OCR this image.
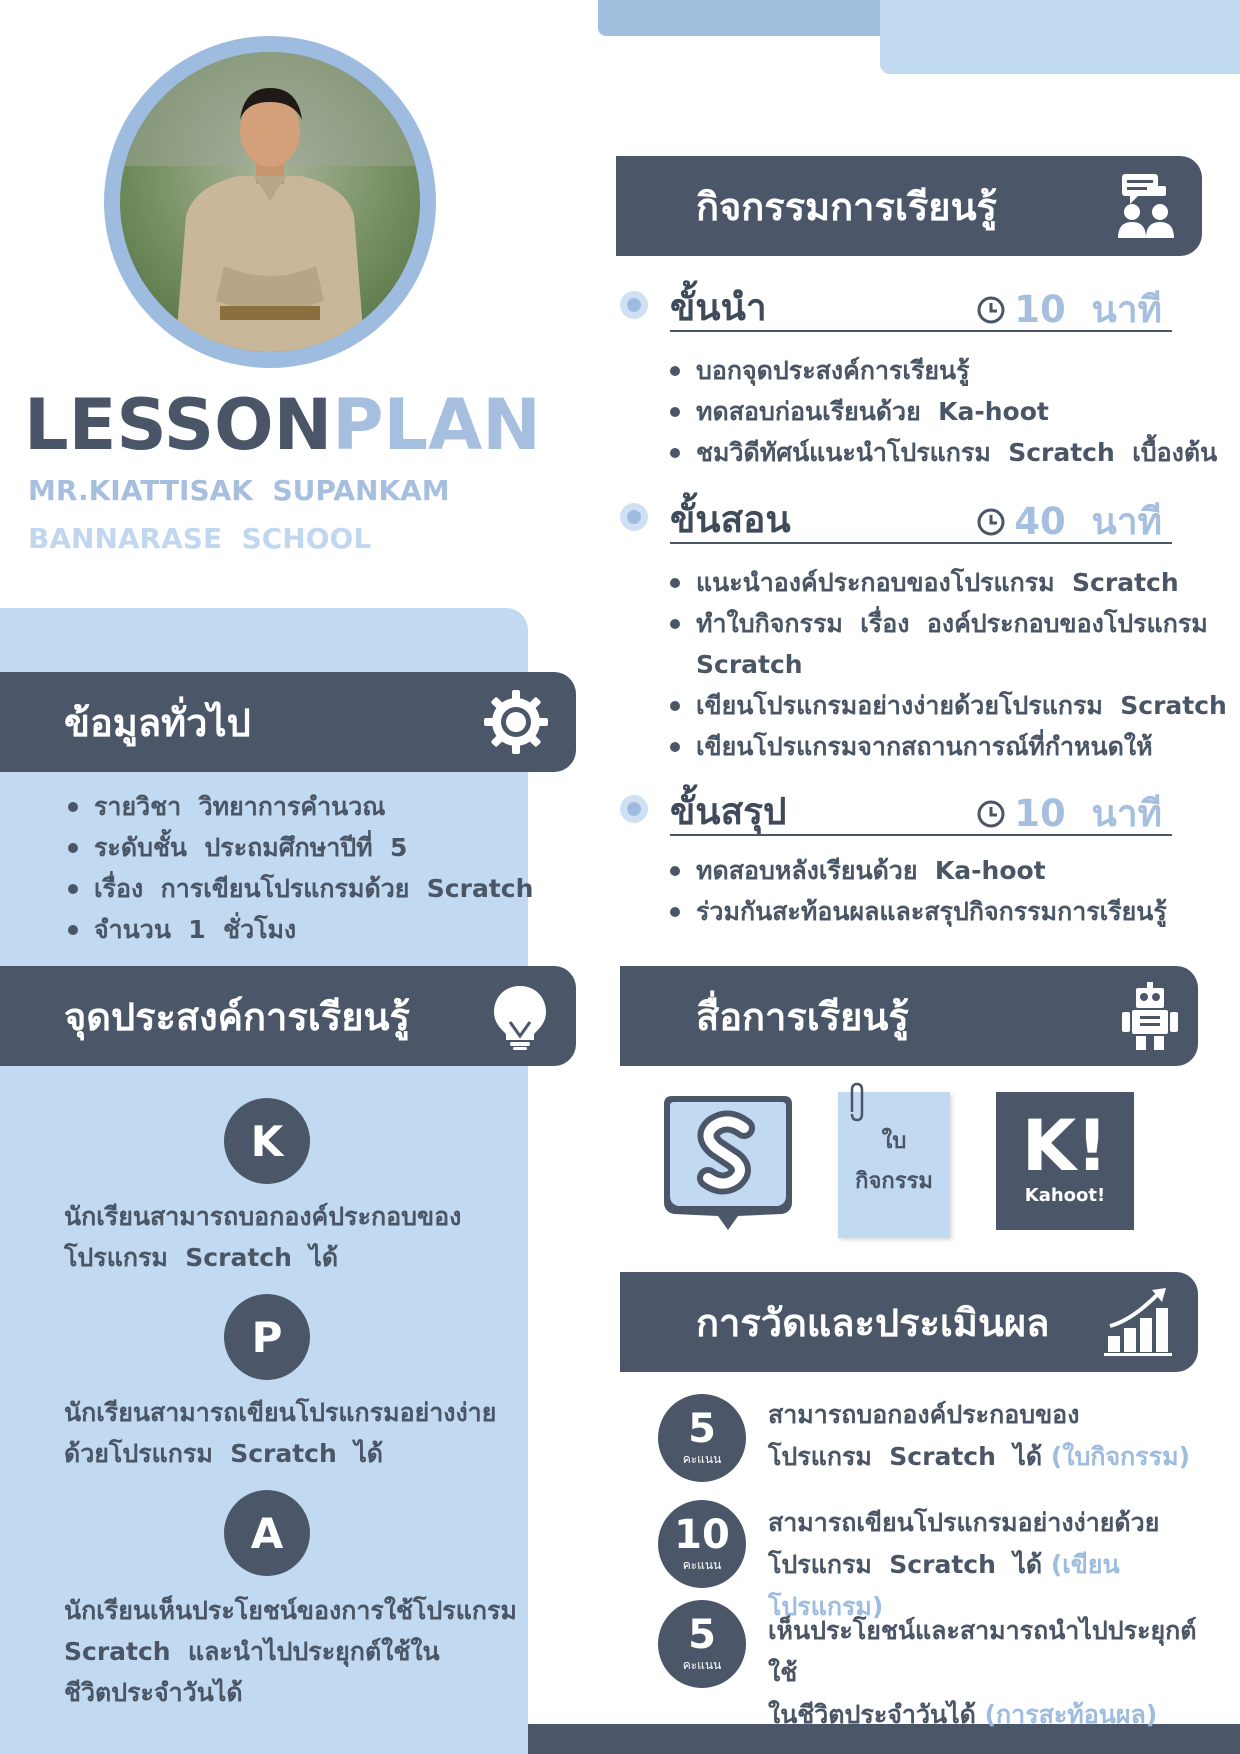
LESSONPLAN
MR.KIATTISAK  SUPANKAM
BANNARASE  SCHOOL
ข้อมูลทั่วไป
รายวิชา  วิทยาการคำนวณ
ระดับชั้น  ประถมศึกษาปีที่  5
เรื่อง  การเขียนโปรแกรมด้วย  Scratch
จำนวน  1  ชั่วโมง
จุดประสงค์การเรียนรู้
K
นักเรียนสามารถบอกองค์ประกอบของ
โปรแกรม  Scratch  ได้
P
นักเรียนสามารถเขียนโปรแกรมอย่างง่าย
ด้วยโปรแกรม  Scratch  ได้
A
นักเรียนเห็นประโยชน์ของการใช้โปรแกรม
Scratch  และนำไปประยุกต์ใช้ใน
ชีวิตประจำวันได้
กิจกรรมการเรียนรู้
ขั้นนำ	10  นาที
บอกจุดประสงค์การเรียนรู้
ทดสอบก่อนเรียนด้วย  Ka-hoot
ชมวิดีทัศน์แนะนำโปรแกรม  Scratch  เบื้องต้น
ขั้นสอน	40  นาที
แนะนำองค์ประกอบของโปรแกรม  Scratch
ทำใบกิจกรรม  เรื่อง  องค์ประกอบของโปรแกรม
Scratch
เขียนโปรแกรมอย่างง่ายด้วยโปรแกรม  Scratch
เขียนโปรแกรมจากสถานการณ์ที่กำหนดให้
ขั้นสรุป	10  นาที
ทดสอบหลังเรียนด้วย  Ka-hoot
ร่วมกันสะท้อนผลและสรุปกิจกรรมการเรียนรู้
สื่อการเรียนรู้
ใบ
กิจกรรม	K!
Kahoot!
การวัดและประเมินผล
5
คะแนน
สามารถบอกองค์ประกอบของ
โปรแกรม  Scratch  ได้ (ใบกิจกรรม)
10
คะแนน
สามารถเขียนโปรแกรมอย่างง่ายด้วย
โปรแกรม  Scratch  ได้ (เขียนโปรแกรม)
5
คะแนน
เห็นประโยชน์และสามารถนำไปประยุกต์ใช้
ในชีวิตประจำวันได้ (การสะท้อนผล)
